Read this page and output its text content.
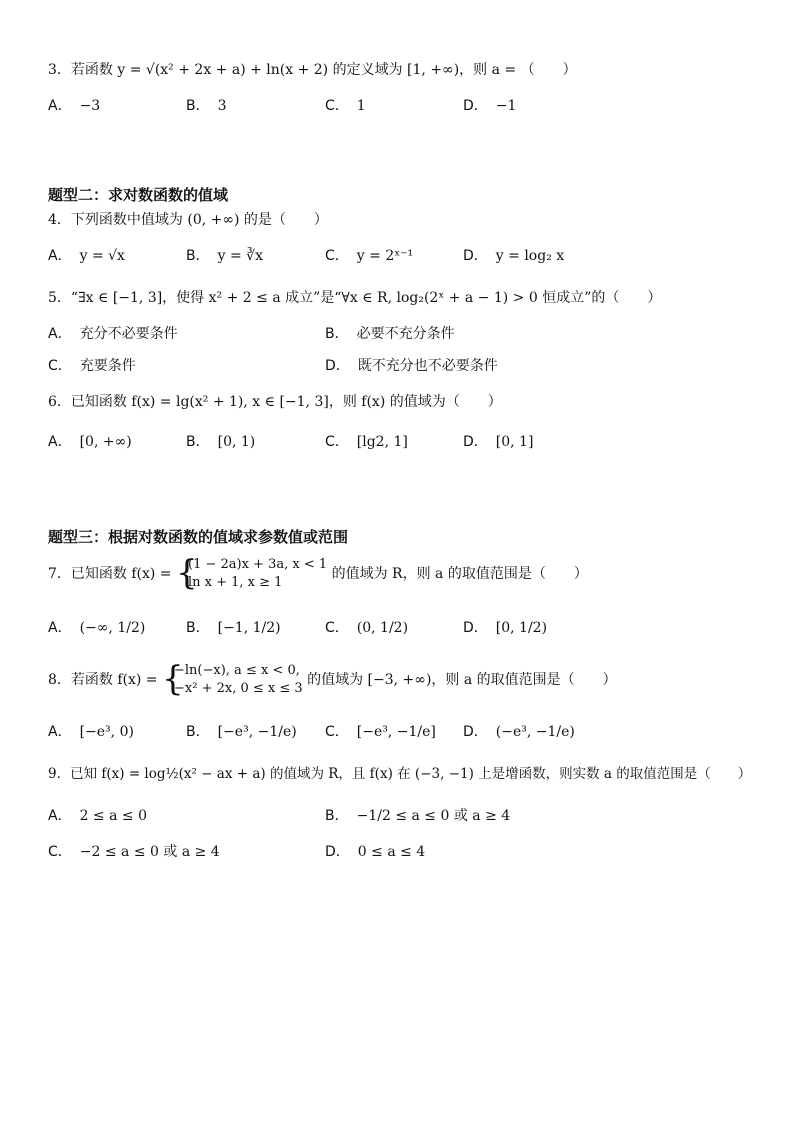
3．若函数 y = √(x² + 2x + a) + ln(x + 2) 的定义域为 [1, +∞)，则 a = （　　）
A． −3	B． 3	C． 1	D． −1
题型二：求对数函数的值域
4．下列函数中值域为 (0, +∞) 的是（　　）
A． y = √x	B． y = ∛x	C． y = 2ˣ⁻¹	D． y = log₂ x
5．“∃x ∈ [−1, 3]，使得 x² + 2 ≤ a 成立”是“∀x ∈ R, log₂(2ˣ + a − 1) > 0 恒成立”的（　　）
A． 充分不必要条件	B． 必要不充分条件
C． 充要条件	D． 既不充分也不必要条件
6．已知函数 f(x) = lg(x² + 1), x ∈ [−1, 3]，则 f(x) 的值域为（　　）
A． [0, +∞)	B． [0, 1)	C． [lg2, 1]	D． [0, 1]
题型三：根据对数函数的值域求参数值或范围
7．已知函数 f(x) = {
(1 − 2a)x + 3a, x < 1
ln x + 1, x ≥ 1
的值域为 R，则 a 的取值范围是（　　）
A． (−∞, 1/2)	B． [−1, 1/2)	C． (0, 1/2)	D． [0, 1/2)
8．若函数 f(x) = {
−ln(−x), a ≤ x < 0,
−x² + 2x, 0 ≤ x ≤ 3
的值域为 [−3, +∞)，则 a 的取值范围是（　　）
A． [−e³, 0)	B． [−e³, −1/e) C． [−e³, −1/e] D． (−e³, −1/e)
9．已知 f(x) = log½(x² − ax + a) 的值域为 R，且 f(x) 在 (−3, −1) 上是增函数，则实数 a 的取值范围是（　　）
A． 2 ≤ a ≤ 0	B． −1/2 ≤ a ≤ 0 或 a ≥ 4
C． −2 ≤ a ≤ 0 或 a ≥ 4	D． 0 ≤ a ≤ 4
